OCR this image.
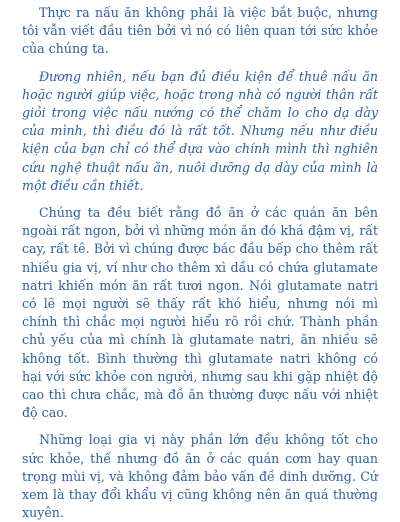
Thực ra nấu ăn không phải là việc bắt buộc, nhưng tôi vẫn viết đầu tiên bởi vì nó có liên quan tới sức khỏe của chúng ta.

Đương nhiên, nếu bạn đủ điều kiện để thuê nấu ăn hoặc người giúp việc, hoặc trong nhà có người thân rất giỏi trong việc nấu nướng có thể chăm lo cho dạ dày của mình, thì điều đó là rất tốt. Nhưng nếu như điều kiện của bạn chỉ có thể dựa vào chính mình thì nghiên cứu nghệ thuật nấu ăn, nuôi dưỡng dạ dày của mình là một điều cần thiết.

Chúng ta đều biết rằng đồ ăn ở các quán ăn bên ngoài rất ngon, bởi vì những món ăn đó khá đậm vị, rất cay, rất tê. Bởi vì chúng được bác đầu bếp cho thêm rất nhiều gia vị, ví như cho thêm xì dầu có chứa glutamate natri khiến món ăn rất tươi ngon. Nói glutamate natri có lẽ mọi người sẽ thấy rất khó hiểu, nhưng nói mì chính thì chắc mọi người hiểu rõ rồi chứ. Thành phần chủ yếu của mì chính là glutamate natri, ăn nhiều sẽ không tốt. Bình thường thì glutamate natri không có hại với sức khỏe con người, nhưng sau khi gặp nhiệt độ cao thì chưa chắc, mà đồ ăn thường được nấu với nhiệt độ cao.

Những loại gia vị này phần lớn đều không tốt cho sức khỏe, thế nhưng đồ ăn ở các quán cơm hay quan trọng mùi vị, và không đảm bảo vấn đề dinh dưỡng. Cứ xem là thay đổi khẩu vị cũng không nên ăn quá thường xuyên.
